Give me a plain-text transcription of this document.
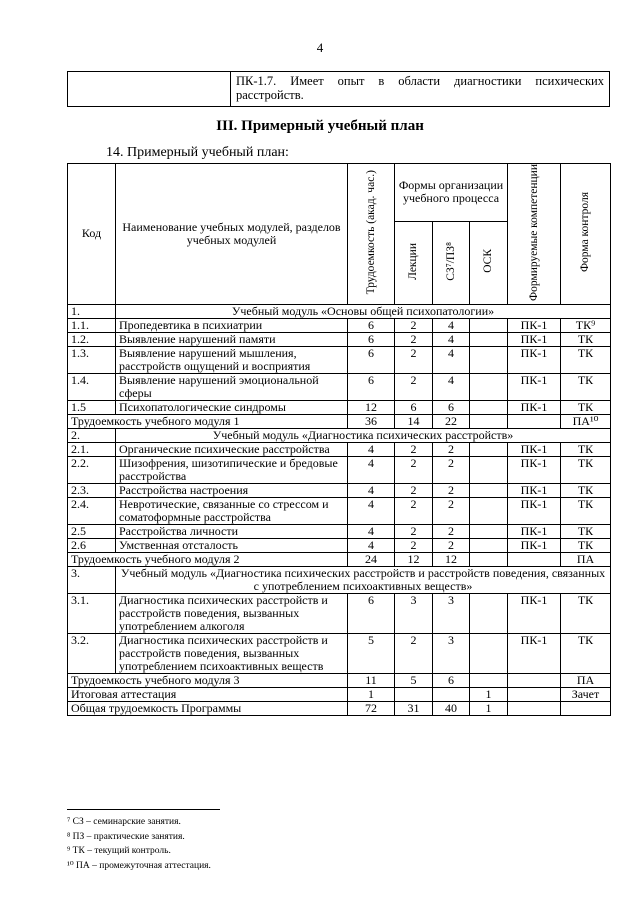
4

ПК-1.7. Имеет опыт в области диагностики психических расстройств.
III. Примерный учебный план
14. Примерный учебный план:
Код	Наименование учебных модулей, разделов учебных модулей	Трудоемкость (акад. час.)	Формы организации учебного процесса			Формируемые компетенции	Форма контроля
			Лекции	СЗ⁷/ПЗ⁸	ОСК		
1.	Учебный модуль «Основы общей психопатологии»						
1.1.	Пропедевтика в психиатрии	6	2	4		ПК-1	ТК⁹
1.2.	Выявление нарушений памяти	6	2	4		ПК-1	ТК
1.3.	Выявление нарушений мышления, расстройств ощущений и восприятия	6	2	4		ПК-1	ТК
1.4.	Выявление нарушений эмоциональной сферы	6	2	4		ПК-1	ТК
1.5	Психопатологические синдромы	12	6	6		ПК-1	ТК
Трудоемкость учебного модуля 1		36	14	22			ПА¹⁰
2.	Учебный модуль «Диагностика психических расстройств»						
2.1.	Органические психические расстройства	4	2	2		ПК-1	ТК
2.2.	Шизофрения, шизотипические и бредовые расстройства	4	2	2		ПК-1	ТК
2.3.	Расстройства настроения	4	2	2		ПК-1	ТК
2.4.	Невротические, связанные со стрессом и соматоформные расстройства	4	2	2		ПК-1	ТК
2.5	Расстройства личности	4	2	2		ПК-1	ТК
2.6	Умственная отсталость	4	2	2		ПК-1	ТК
Трудоемкость учебного модуля 2		24	12	12			ПА
3.	Учебный модуль «Диагностика психических расстройств и расстройств поведения, связанных с употреблением психоактивных веществ»						
3.1.	Диагностика психических расстройств и расстройств поведения, вызванных употреблением алкоголя	6	3	3		ПК-1	ТК
3.2.	Диагностика психических расстройств и расстройств поведения, вызванных употреблением психоактивных веществ	5	2	3		ПК-1	ТК
Трудоемкость учебного модуля 3		11	5	6			ПА
Итоговая аттестация		1			1		Зачет
Общая трудоемкость Программы		72	31	40	1		
⁷ СЗ – семинарские занятия.
⁸ ПЗ – практические занятия.
⁹ ТК – текущий контроль.
¹⁰ ПА – промежуточная аттестация.
